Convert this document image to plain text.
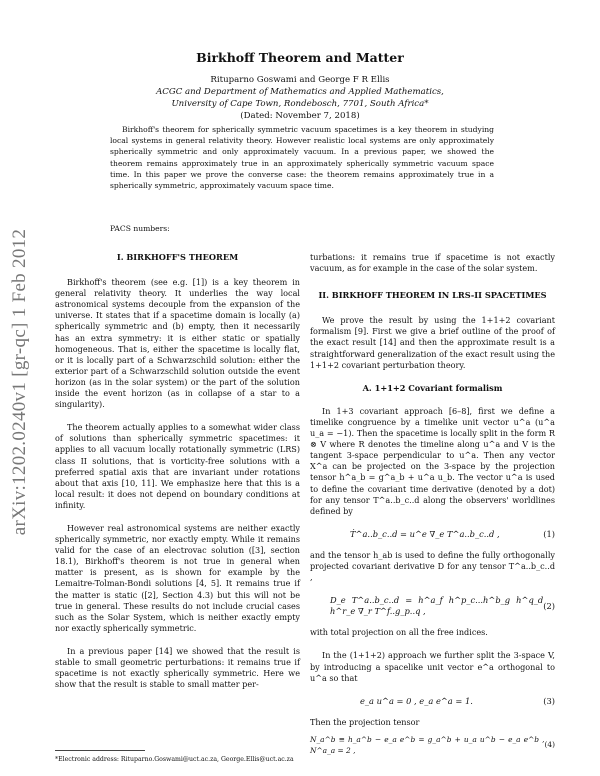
arXiv:1202.0240v1 [gr-qc] 1 Feb 2012
Birkhoff Theorem and Matter
Rituparno Goswami and George F R Ellis
ACGC and Department of Mathematics and Applied Mathematics,
University of Cape Town, Rondebosch, 7701, South Africa*
(Dated: November 7, 2018)

Birkhoff's theorem for spherically symmetric vacuum spacetimes is a key theorem in studying local systems in general relativity theory. However realistic local systems are only approximately spherically symmetric and only approximately vacuum. In a previous paper, we showed the theorem remains approximately true in an approximately spherically symmetric vacuum space time. In this paper we prove the converse case: the theorem remains approximately true in a spherically symmetric, approximately vacuum space time.

PACS numbers:
I. BIRKHOFF'S THEOREM

Birkhoff's theorem (see e.g. [1]) is a key theorem in general relativity theory. It underlies the way local astronomical systems decouple from the expansion of the universe. It states that if a spacetime domain is locally (a) spherically symmetric and (b) empty, then it necessarily has an extra symmetry: it is either static or spatially homogeneous. That is, either the spacetime is locally flat, or it is locally part of a Schwarzschild solution: either the exterior part of a Schwarzschild solution outside the event horizon (as in the solar system) or the part of the solution inside the event horizon (as in collapse of a star to a singularity).

The theorem actually applies to a somewhat wider class of solutions than spherically symmetric spacetimes: it applies to all vacuum locally rotationally symmetric (LRS) class II solutions, that is vorticity-free solutions with a preferred spatial axis that are invariant under rotations about that axis [10, 11]. We emphasize here that this is a local result: it does not depend on boundary conditions at infinity.

However real astronomical systems are neither exactly spherically symmetric, nor exactly empty. While it remains valid for the case of an electrovac solution ([3], section 18.1), Birkhoff's theorem is not true in general when matter is present, as is shown for example by the Lemaitre-Tolman-Bondi solutions [4, 5]. It remains true if the matter is static ([2], Section 4.3) but this will not be true in general. These results do not include crucial cases such as the Solar System, which is neither exactly empty nor exactly spherically symmetric.

In a previous paper [14] we showed that the result is stable to small geometric perturbations: it remains true if spacetime is not exactly spherically symmetric. Here we show that the result is stable to small matter per-

turbations: it remains true if spacetime is not exactly vacuum, as for example in the case of the solar system.

II. BIRKHOFF THEOREM IN LRS-II SPACETIMES

We prove the result by using the 1+1+2 covariant formalism [9]. First we give a brief outline of the proof of the exact result [14] and then the approximate result is a straightforward generalization of the exact result using the 1+1+2 covariant perturbation theory.

A. 1+1+2 Covariant formalism

In 1+3 covariant approach [6–8], first we define a timelike congruence by a timelike unit vector u^a (u^a u_a = −1). Then the spacetime is locally split in the form R ⊗ V where R denotes the timeline along u^a and V is the tangent 3-space perpendicular to u^a. Then any vector X^a can be projected on the 3-space by the projection tensor h^a_b = g^a_b + u^a u_b. The vector u^a is used to define the covariant time derivative (denoted by a dot) for any tensor T^a..b_c..d along the observers' worldlines defined by

Ṫ^a..b_c..d = u^e ∇_e T^a..b_c..d ,	(1)

and the tensor h_ab is used to define the fully orthogonally projected covariant derivative D for any tensor T^a..b_c..d ,

D_e T^a..b_c..d = h^a_f h^p_c...h^b_g h^q_d h^r_e ∇_r T^f..g_p..q ,
(2)

with total projection on all the free indices.

In the (1+1+2) approach we further split the 3-space V, by introducing a spacelike unit vector e^a orthogonal to u^a so that

e_a u^a = 0 , e_a e^a = 1.	(3)

Then the projection tensor

N_a^b ≡ h_a^b − e_a e^b = g_a^b + u_a u^b − e_a e^b , N^a_a = 2 ,
(4)
*Electronic address: Rituparno.Goswami@uct.ac.za, George.Ellis@uct.ac.za
